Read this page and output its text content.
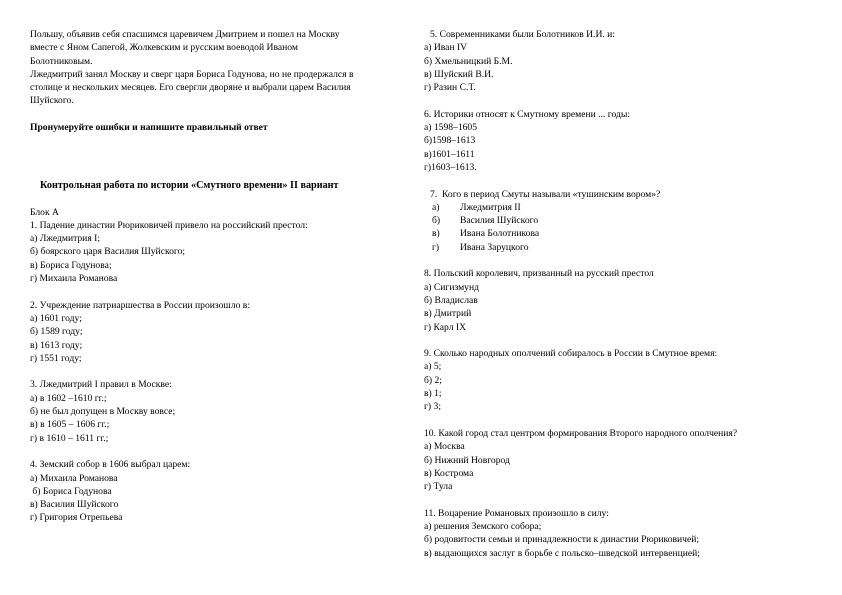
Польшу, объявив себя спасшимся царевичем Дмитрием и пошел на Москву

вместе с Яном Сапегой, Жолкевским и русским воеводой Иваном

Болотниковым.

Лжедмитрий занял Москву и сверг царя Бориса Годунова, но не продержался в

столице и нескольких месяцев. Его свергли дворяне и выбрали царем Василия

Шуйского.

Пронумеруйте ошибки и напишите правильный ответ

Контрольная работа по истории «Смутного времени» II вариант

Блок А

1. Падение династии Рюриковичей привело на российский престол:

а) Лжедмитрия I;

б) боярского царя Василия Шуйского;

в) Бориса Годунова;

г) Михаила Романова

2. Учреждение патриаршества в России произошло в:

а) 1601 году;

б) 1589 году;

в) 1613 году;

г) 1551 году;

3. Лжедмитрий I правил в Москве:

а) в 1602 –1610 гг.;

б) не был допущен в Москву вовсе;

в) в 1605 – 1606 гг.;

г) в 1610 – 1611 гг.;

4. Земский собор в 1606 выбрал царем:

а) Михаила Романова

б) Бориса Годунова

в) Василия Шуйского

г) Григория Отрепьева

5. Современниками были Болотников И.И. и:

а) Иван IV

б) Хмельницкий Б.М.

в) Шуйский В.И.

г) Разин С.Т.

6. Историки относят к Смутному времени ... годы:

а) 1598–1605

б)1598–1613

в)1601–1611

г)1603–1613.

7.  Кого в период Смуты называли «тушинским вором»?

а) Лжедмитрия II

б) Василия Шуйского

в) Ивана Болотникова

г) Ивана Заруцкого

8. Польский королевич, призванный на русский престол

а) Сигизмунд

б) Владислав

в) Дмитрий

г) Карл IX

9. Сколько народных ополчений собиралось в России в Смутное время:

а) 5;

б) 2;

в) 1;

г) 3;

10. Какой город стал центром формирования Второго народного ополчения?

а) Москва

б) Нижний Новгород

в) Кострома

г) Тула

11. Воцарение Романовых произошло в силу:

а) решения Земского собора;

б) родовитости семьи и принадлежности к династии Рюриковичей;

в) выдающихся заслуг в борьбе с польско–шведской интервенцией;
